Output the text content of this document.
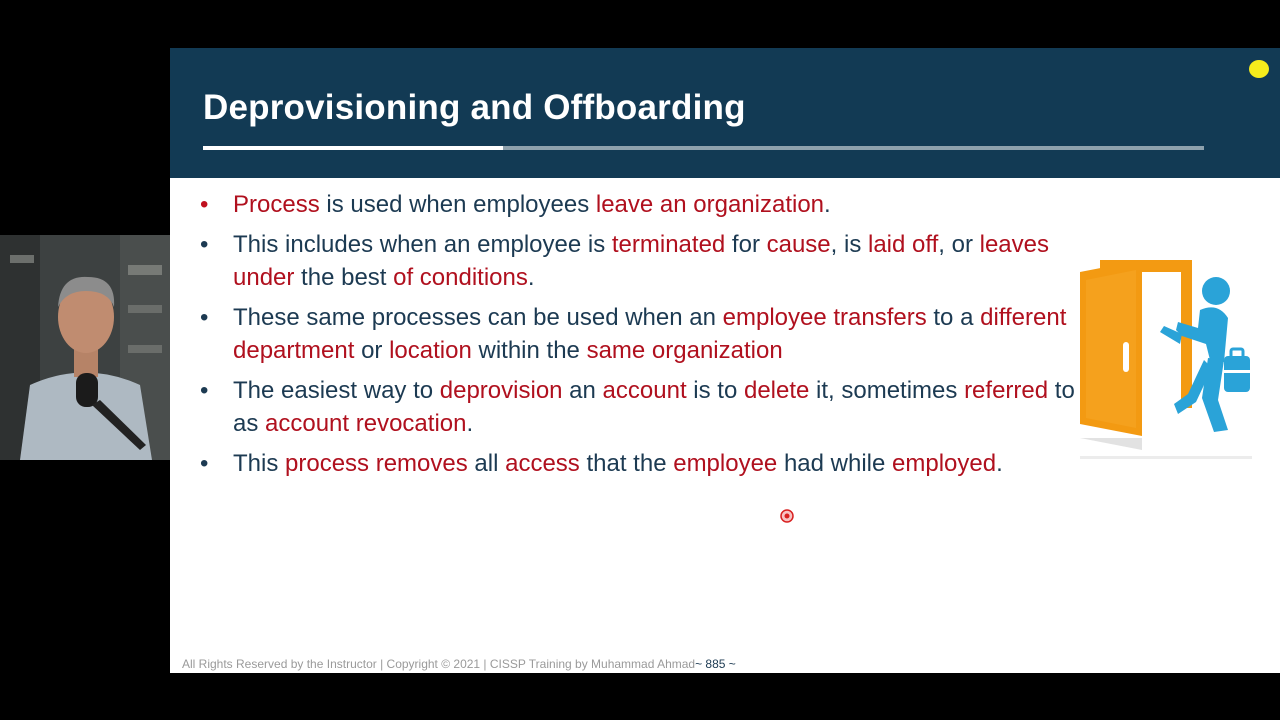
Deprovisioning and Offboarding
•	Process is used when employees leave an organization.
•	This includes when an employee is terminated for cause, is laid off, or leaves under the best of conditions.
•	These same processes can be used when an employee transfers to a different department or location within the same organization
•	The easiest way to deprovision an account is to delete it, sometimes referred to as account revocation.
•	This process removes all access that the employee had while employed.
All Rights Reserved by the Instructor | Copyright © 2021 | CISSP Training by Muhammad Ahmad~ 885 ~
